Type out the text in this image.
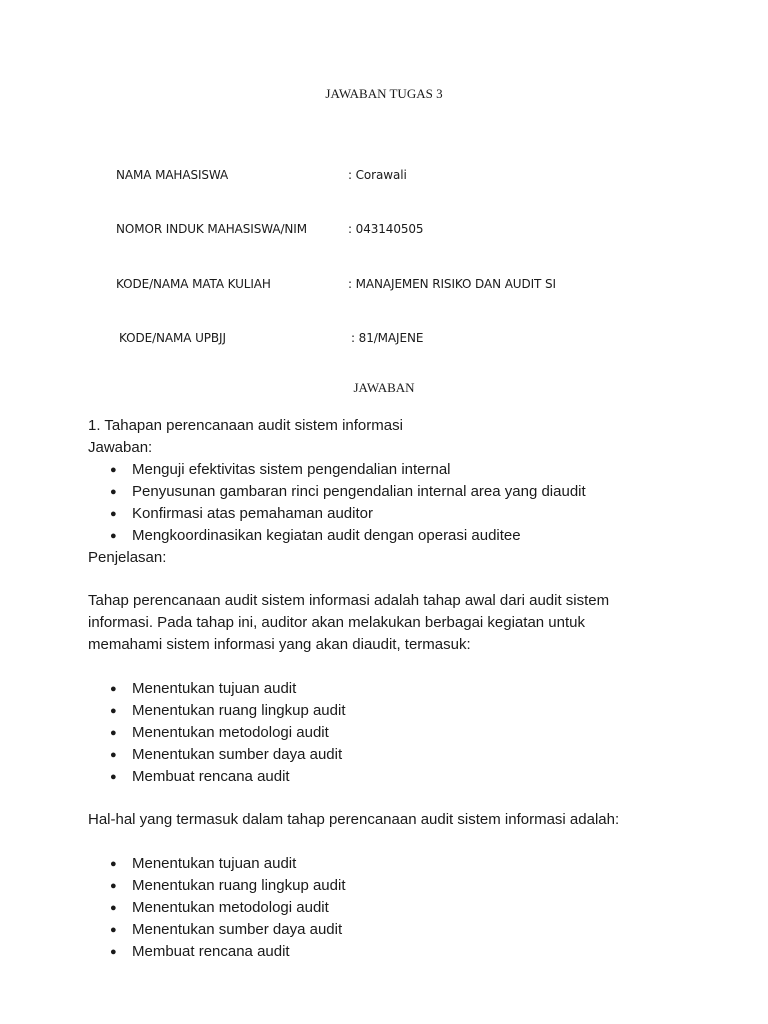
JAWABAN TUGAS 3
NAMA MAHASISWA	: Corawali
NOMOR INDUK MAHASISWA/NIM	: 043140505
KODE/NAMA MATA KULIAH	: MANAJEMEN RISIKO DAN AUDIT SI
KODE/NAMA UPBJJ	: 81/MAJENE
JAWABAN
1. Tahapan perencanaan audit sistem informasi
Jawaban:
● Menguji efektivitas sistem pengendalian internal
● Penyusunan gambaran rinci pengendalian internal area yang diaudit
● Konfirmasi atas pemahaman auditor
● Mengkoordinasikan kegiatan audit dengan operasi auditee
Penjelasan:
Tahap perencanaan audit sistem informasi adalah tahap awal dari audit sistem
informasi. Pada tahap ini, auditor akan melakukan berbagai kegiatan untuk
memahami sistem informasi yang akan diaudit, termasuk:
● Menentukan tujuan audit
● Menentukan ruang lingkup audit
● Menentukan metodologi audit
● Menentukan sumber daya audit
● Membuat rencana audit
Hal-hal yang termasuk dalam tahap perencanaan audit sistem informasi adalah:
● Menentukan tujuan audit
● Menentukan ruang lingkup audit
● Menentukan metodologi audit
● Menentukan sumber daya audit
● Membuat rencana audit
